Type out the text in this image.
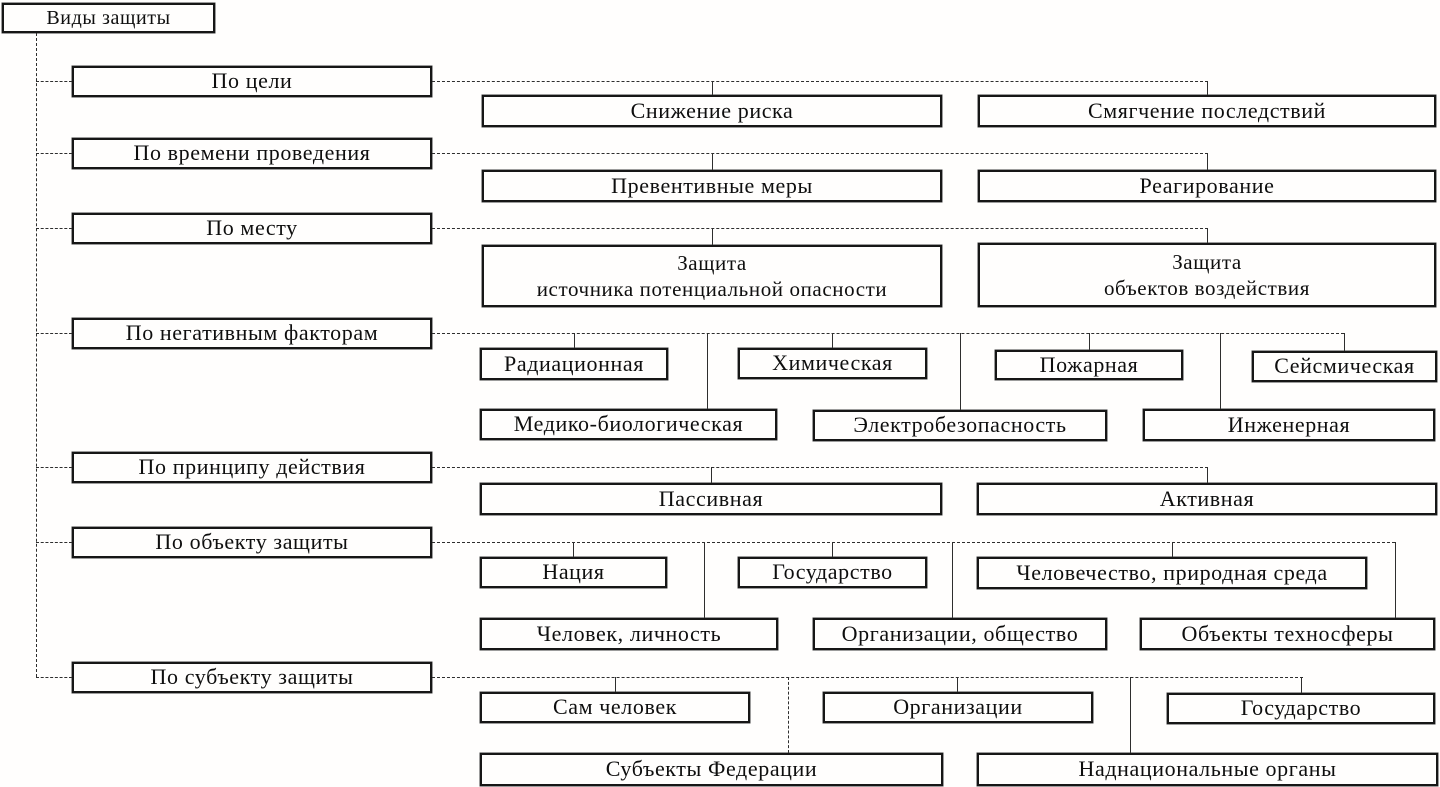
Виды защиты
По цели
По времени проведения
По месту
По негативным факторам
По принципу действия
По объекту защиты
По субъекту защиты
Снижение риска	Смягчение последствий
Превентивные меры	Реагирование
Защита
источника потенциальной опасности
Защита
объектов воздействия
Радиационная	Химическая	Пожарная	Сейсмическая
Медико-биологическая	Электробезопасность	Инженерная
Пассивная	Активная
Нация	Государство	Человечество, природная среда
Человек, личность	Организации, общество	Объекты техносферы
Сам человек	Организации	Государство
Субъекты Федерации	Наднациональные органы
